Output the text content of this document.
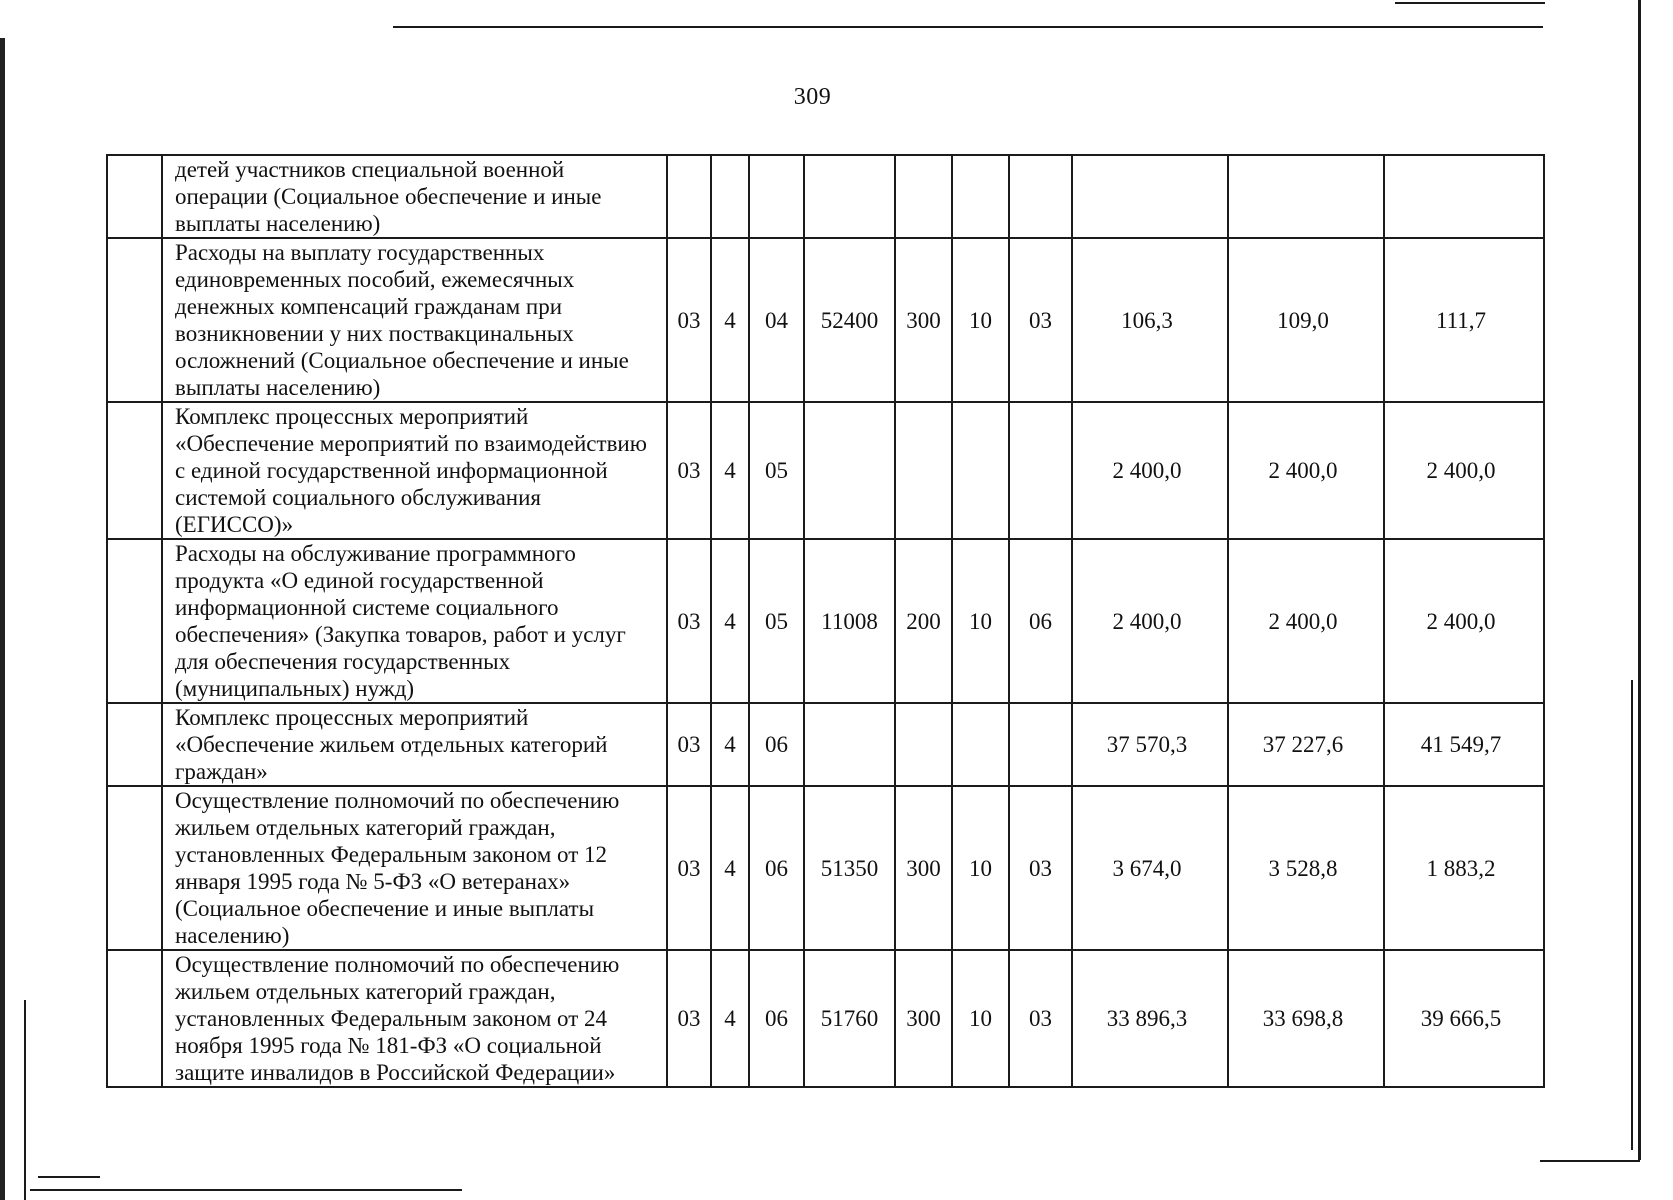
309
	детей участников специальной военной операции (Социальное обеспечение и иные выплаты населению)										
	Расходы на выплату государственных единовременных пособий, ежемесячных денежных компенсаций гражданам при возникновении у них поствакцинальных осложнений (Социальное обеспечение и иные выплаты населению)	03	4	04	52400	300	10	03	106,3	109,0	111,7
	Комплекс процессных мероприятий «Обеспечение мероприятий по взаимодействию с единой государственной информационной системой социального обслуживания (ЕГИССО)»	03	4	05					2 400,0	2 400,0	2 400,0
	Расходы на обслуживание программного продукта «О единой государственной информационной системе социального обеспечения» (Закупка товаров, работ и услуг для обеспечения государственных (муниципальных) нужд)	03	4	05	11008	200	10	06	2 400,0	2 400,0	2 400,0
	Комплекс процессных мероприятий «Обеспечение жильем отдельных категорий граждан»	03	4	06					37 570,3	37 227,6	41 549,7
	Осуществление полномочий по обеспечению жильем отдельных категорий граждан, установленных Федеральным законом от 12 января 1995 года № 5-ФЗ «О ветеранах» (Социальное обеспечение и иные выплаты населению)	03	4	06	51350	300	10	03	3 674,0	3 528,8	1 883,2
	Осуществление полномочий по обеспечению жильем отдельных категорий граждан, установленных Федеральным законом от 24 ноября 1995 года № 181-ФЗ «О социальной защите инвалидов в Российской Федерации»	03	4	06	51760	300	10	03	33 896,3	33 698,8	39 666,5
